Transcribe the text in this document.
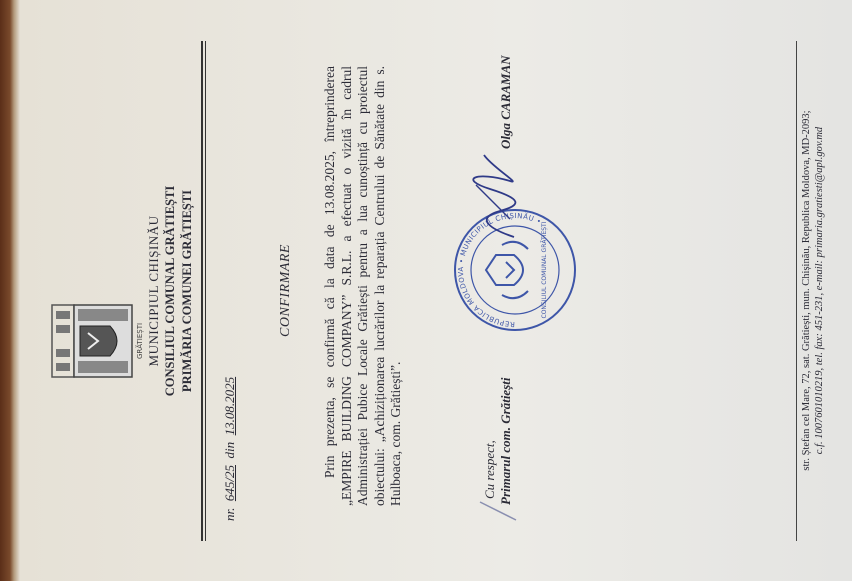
GRĂTIEȘTI MUNICIPIUL CHIȘINĂU CONSILIUL COMUNAL GRĂTIEȘTI PRIMĂRIA COMUNEI GRĂTIEȘTI
nr.  645/25  din  13.08.2025
CONFIRMARE Prin prezenta, se confirmă că la data de 13.08.2025, întreprinderea „EMPIRE BUILDING COMPANY” S.R.L. a efectuat o vizită în cadrul Administrației Pubice Locale Grătiești pentru a lua cunoștință cu proiectul obiectului: „Achiziționarea lucrărilor la reparația Centrului de Sănătate din s. Hulboaca, com. Grătiești”.	Cu respect, Primarul com. Grătiești
REPUBLICA MOLDOVA • MUNICIPIUL CHIȘINĂU •
CONSILIUL COMUNAL GRĂTIEȘTI
Olga CARAMAN
str. Ștefan cel Mare, 72, sat. Grătiești, mun. Chișinău, Republica Moldova, MD-2093; c.f. 1007601010219, tel. fax: 451-231, e-mail: primaria.gratiesti@apl.gov.md
